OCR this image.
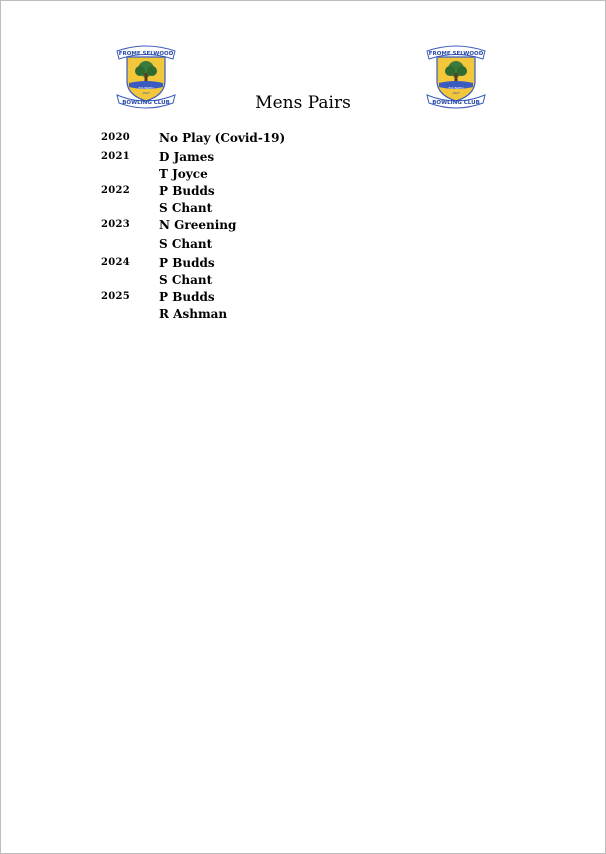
FROME SELWOOD
FOUNDED
1927
BOWLING CLUB
FROME SELWOOD
FOUNDED
1927
BOWLING CLUB
Mens Pairs
2020 No Play (Covid-19)
2021 D James
T Joyce
2022 P Budds
S Chant
2023 N Greening
S Chant
2024 P Budds
S Chant
2025 P Budds
R Ashman
